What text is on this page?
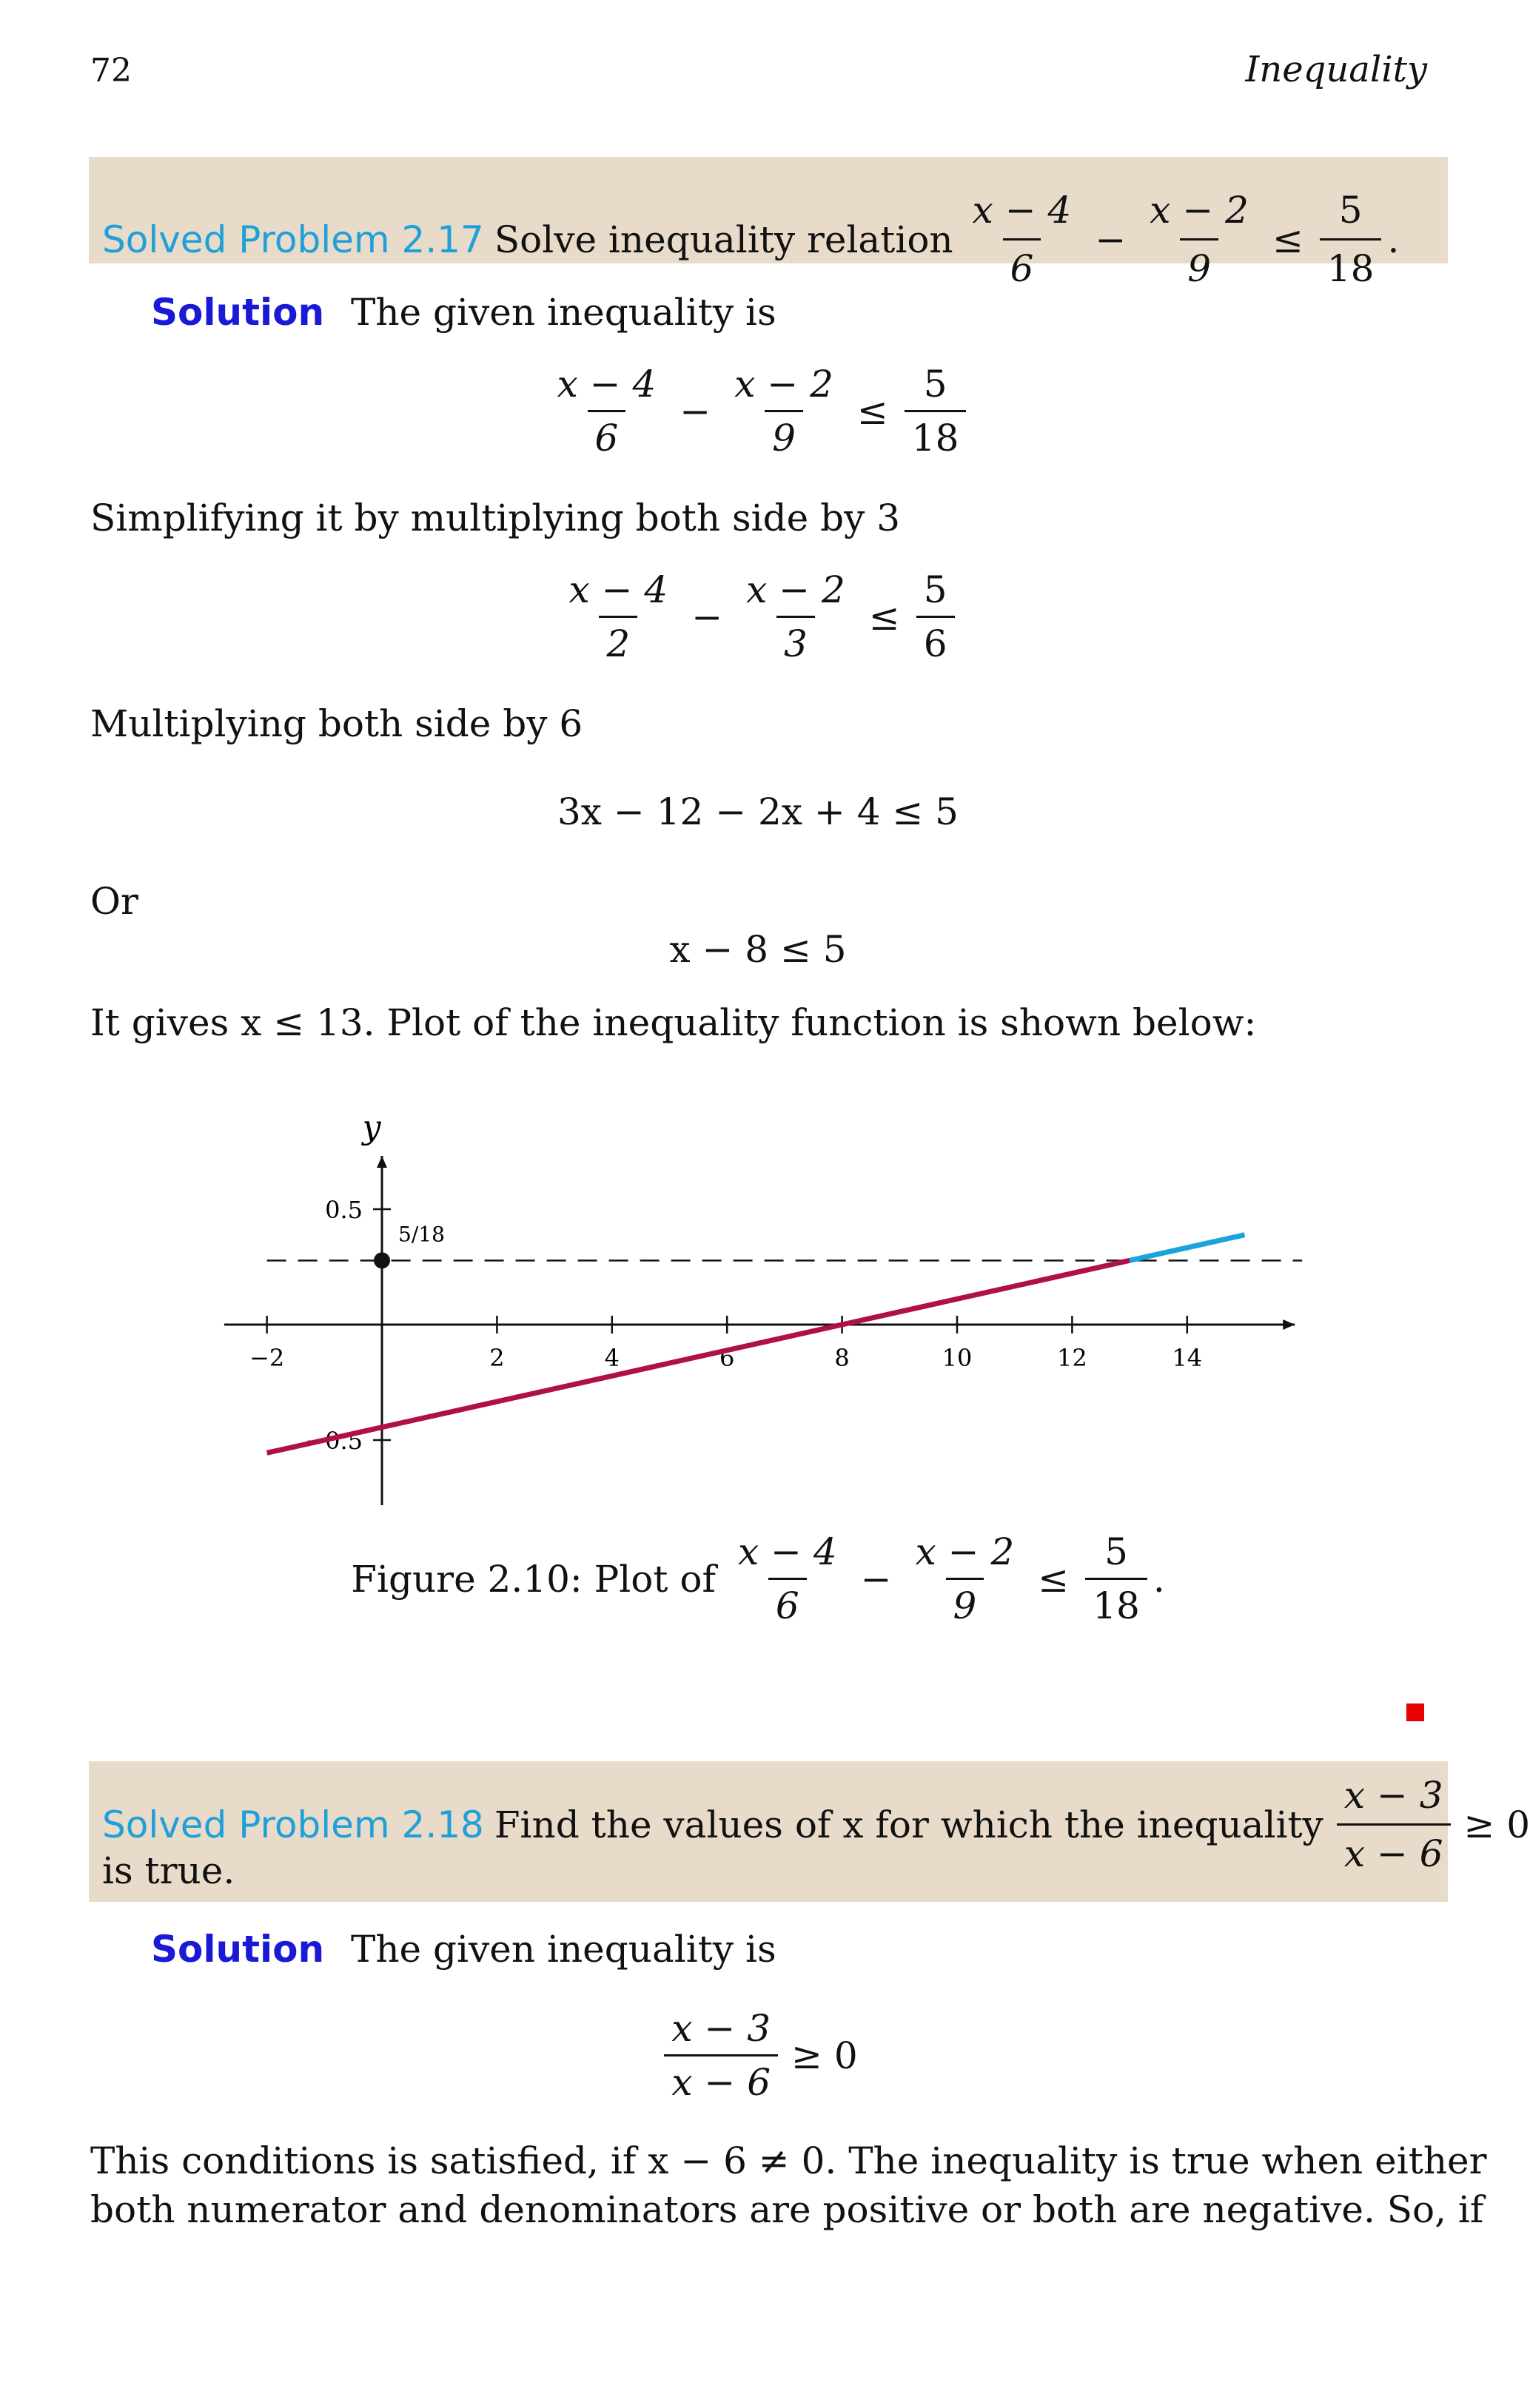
72	Inequality
Solved Problem 2.17 Solve inequality relation $\frac{x - 4}{6} - \frac{x - 2}{9} \le \frac{5}{18}$ .
Solution The given inequality is
$\frac{x - 4}{6} - \frac{x - 2}{9} \le \frac{5}{18}$
Simplifying it by multiplying both side by 3
$\frac{x - 4}{2} - \frac{x - 2}{3} \le \frac{5}{6}$
Multiplying both side by 6
3x − 12 − 2x + 4 ≤ 5
Or
x − 8 ≤ 5
It gives x ≤ 13. Plot of the inequality function is shown below:
y
−2	2	4	6	8	10	12	14
0.5
−0.5
5/18
Figure 2.10: Plot of $\frac{x - 4}{6} - \frac{x - 2}{9} \le \frac{5}{18}$ .
Solved Problem 2.18 Find the values of x for which the inequality $\frac{x - 3}{x - 6} \ge 0$
is true.
Solution The given inequality is
$\frac{x - 3}{x - 6} \ge 0$
This conditions is satisfied, if x − 6 ≠ 0. The inequality is true when either
both numerator and denominators are positive or both are negative. So, if
